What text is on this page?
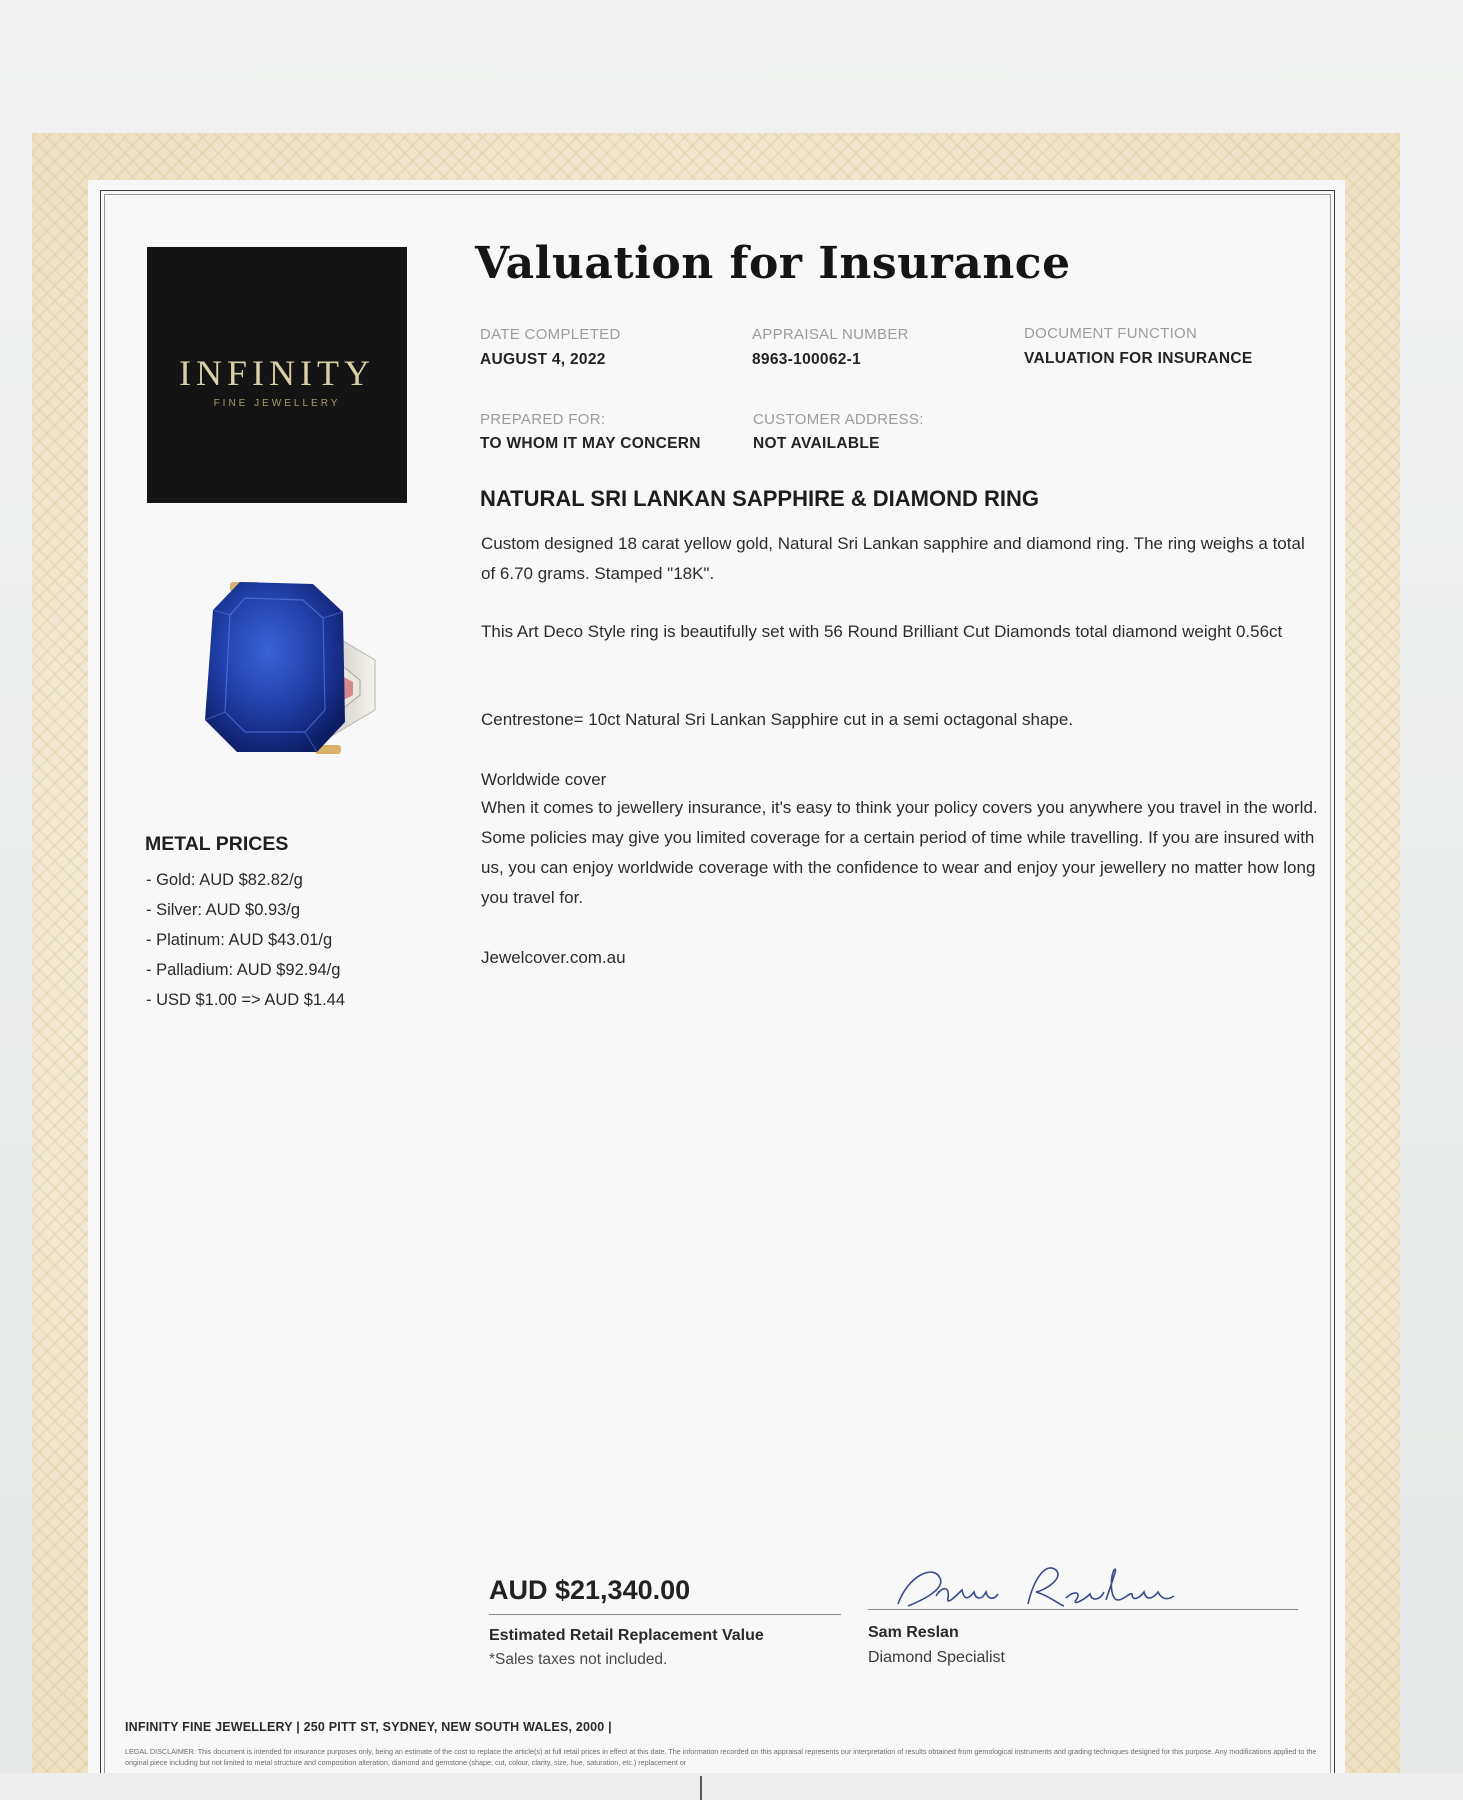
INFINITY
FINE JEWELLERY
Valuation for Insurance
DATE COMPLETED
AUGUST 4, 2022
APPRAISAL NUMBER
8963-100062-1
DOCUMENT FUNCTION
VALUATION FOR INSURANCE
PREPARED FOR:
TO WHOM IT MAY CONCERN
CUSTOMER ADDRESS:
NOT AVAILABLE
NATURAL SRI LANKAN SAPPHIRE & DIAMOND RING

Custom designed 18 carat yellow gold, Natural Sri Lankan sapphire and diamond ring. The ring weighs a total of 6.70 grams. Stamped "18K".

This Art Deco Style ring is beautifully set with 56 Round Brilliant Cut Diamonds total diamond weight 0.56ct

Centrestone= 10ct Natural Sri Lankan Sapphire cut in a semi octagonal shape.

Worldwide cover

When it comes to jewellery insurance, it's easy to think your policy covers you anywhere you travel in the world. Some policies may give you limited coverage for a certain period of time while travelling. If you are insured with us, you can enjoy worldwide coverage with the confidence to wear and enjoy your jewellery no matter how long you travel for.

Jewelcover.com.au

METAL PRICES
- Gold: AUD $82.82/g
- Silver: AUD $0.93/g
- Platinum: AUD $43.01/g
- Palladium: AUD $92.94/g
- USD $1.00 => AUD $1.44
AUD $21,340.00
Estimated Retail Replacement Value
*Sales taxes not included.
Sam Reslan
Diamond Specialist
INFINITY FINE JEWELLERY | 250 PITT ST, SYDNEY, NEW SOUTH WALES, 2000 |
LEGAL DISCLAIMER: This document is intended for insurance purposes only, being an estimate of the cost to replace the article(s) at full retail prices in effect at this date. The information recorded on this appraisal represents our interpretation of results obtained from gemological instruments and grading techniques designed for this purpose. Any modifications applied to the original piece including but not limited to metal structure and composition alteration, diamond and gemstone (shape, cut, colour, clarity, size, hue, saturation, etc.) replacement or
